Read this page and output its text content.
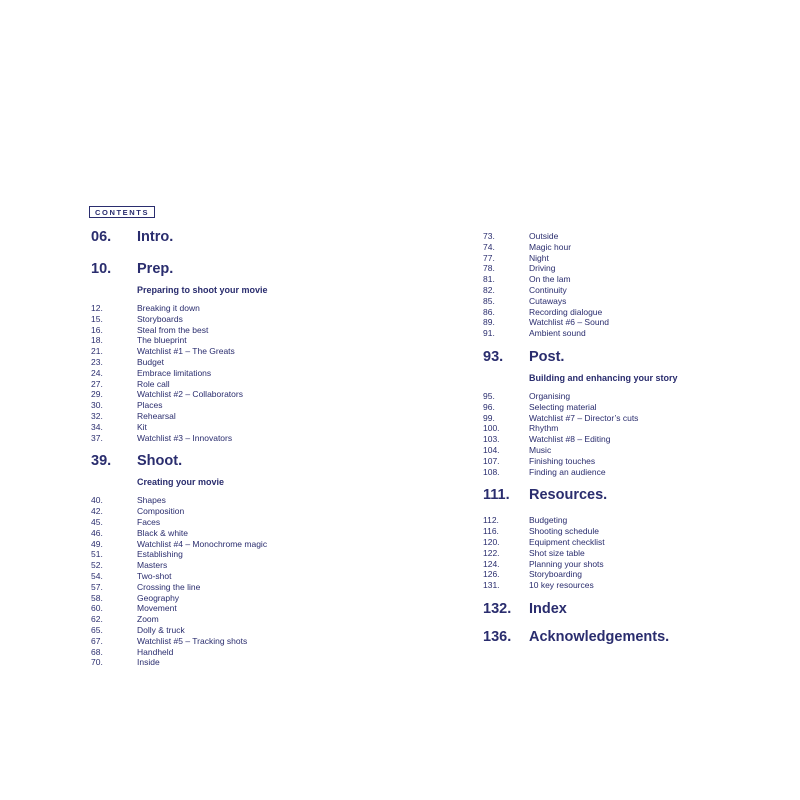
CONTENTS
06.	Intro.
10.	Prep.
Preparing to shoot your movie
12.	Breaking it down
15.	Storyboards
16.	Steal from the best
18.	The blueprint
21.	Watchlist #1 – The Greats
23.	Budget
24.	Embrace limitations
27.	Role call
29.	Watchlist #2 – Collaborators
30.	Places
32.	Rehearsal
34.	Kit
37.	Watchlist #3 – Innovators
39.	Shoot.
Creating your movie
40.	Shapes
42.	Composition
45.	Faces
46.	Black & white
49.	Watchlist #4 – Monochrome magic
51.	Establishing
52.	Masters
54.	Two-shot
57.	Crossing the line
58.	Geography
60.	Movement
62.	Zoom
65.	Dolly & truck
67.	Watchlist #5 – Tracking shots
68.	Handheld
70.	Inside
73.	Outside
74.	Magic hour
77.	Night
78.	Driving
81.	On the lam
82.	Continuity
85.	Cutaways
86.	Recording dialogue
89.	Watchlist #6 – Sound
91.	Ambient sound
93.	Post.
Building and enhancing your story
95.	Organising
96.	Selecting material
99.	Watchlist #7 – Director’s cuts
100.	Rhythm
103.	Watchlist #8 – Editing
104.	Music
107.	Finishing touches
108.	Finding an audience
111.	Resources.
112.	Budgeting
116.	Shooting schedule
120.	Equipment checklist
122.	Shot size table
124.	Planning your shots
126.	Storyboarding
131.	10 key resources
132.	Index
136.	Acknowledgements.
